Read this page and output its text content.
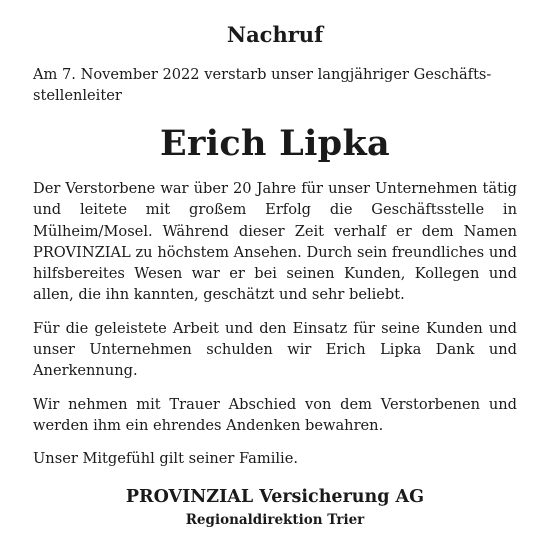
Nachruf

Am 7. November 2022 verstarb unser langjähriger Geschäftsstellenleiter

Erich Lipka

Der Verstorbene war über 20 Jahre für unser Unternehmen tätig und leitete mit großem Erfolg die Geschäftsstelle in Mülheim/Mosel. Während dieser Zeit verhalf er dem Namen PROVINZIAL zu höchstem Ansehen. Durch sein freundliches und hilfsbereites Wesen war er bei seinen Kunden, Kollegen und allen, die ihn kannten, geschätzt und sehr beliebt.

Für die geleistete Arbeit und den Einsatz für seine Kunden und unser Unternehmen schulden wir Erich Lipka Dank und Anerkennung.

Wir nehmen mit Trauer Abschied von dem Verstorbenen und werden ihm ein ehrendes Andenken bewahren.

Unser Mitgefühl gilt seiner Familie.

PROVINZIAL Versicherung AG

Regionaldirektion Trier
